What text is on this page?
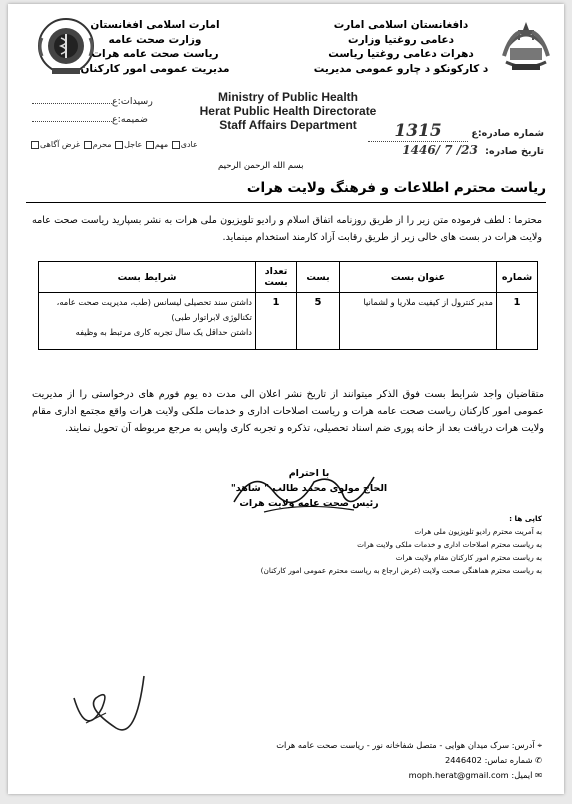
دافغانستان اسلامی امارت
دعامی روغتیا وزارت
دهرات دعامی روغتیا ریاست
د کارکونکو د چارو عمومی مدیریت
امارت اسلامی افغانستان
وزارت صحت عامه
ریاست صحت عامه هرات
مدیریت عمومی امور کارکنان
Ministry of Public Health
Herat Public Health Directorate
Staff Affairs Department
رسیدات:ع
ضمیمه:ع
عادی مهم عاجل محرم غرض آگاهی
شماره صادره:ع 1315
تاریخ صادره: 1446/ 7 /23
بسم الله الرحمن الرحیم
ریاست محترم اطلاعات و فرهنگ ولایت هرات
محترما : لطف فرموده متن زیر را از طریق روزنامه اتفاق اسلام و رادیو تلویزیون ملی هرات به نشر بسپارید ریاست صحت عامه ولایت هرات در بست های خالی زیر از طریق رقابت آزاد کارمند استخدام مینماید.
شماره	عنوان بست	بست	تعداد بست	شرایط بست
1	مدیر کنترول از کیفیت ملاریا و لشمانیا	5	1	داشتن سند تحصیلی لیسانس (طب، مدیریت صحت عامه، تکنالوژی لابراتوار طبی)
داشتن حداقل یک سال تجربه کاری مرتبط به وظیفه
متقاضیان واجد شرایط بست فوق الذکر میتوانند از تاریخ نشر اعلان الی مدت ده یوم فورم های درخواستی را از مدیریت عمومی امور کارکنان ریاست صحت عامه هرات و ریاست اصلاحات اداری و خدمات ملکی ولایت هرات واقع مجتمع اداری مقام ولایت هرات دریافت بعد از خانه پوری ضم اسناد تحصیلی، تذکره و تجربه کاری واپس به مرجع مربوطه آن تحویل نمایند.
با احترام
الحاج مولوی محمد طالب " شاهد"
رئیس صحت عامه ولایت هرات
کاپی ها :
به آمریت محترم رادیو تلویزیون ملی هرات
به ریاست محترم اصلاحات اداری و خدمات ملکی ولایت هرات
به ریاست محترم امور کارکنان مقام ولایت هرات
به ریاست محترم هماهنگی صحت ولایت (غرض ارجاع به ریاست محترم عمومی امور کارکنان)
⌖ آدرس: سرک میدان هوایی - متصل شفاخانه نور - ریاست صحت عامه هرات
✆ شماره تماس: 2446402
✉ ایمیل: moph.herat@gmail.com
